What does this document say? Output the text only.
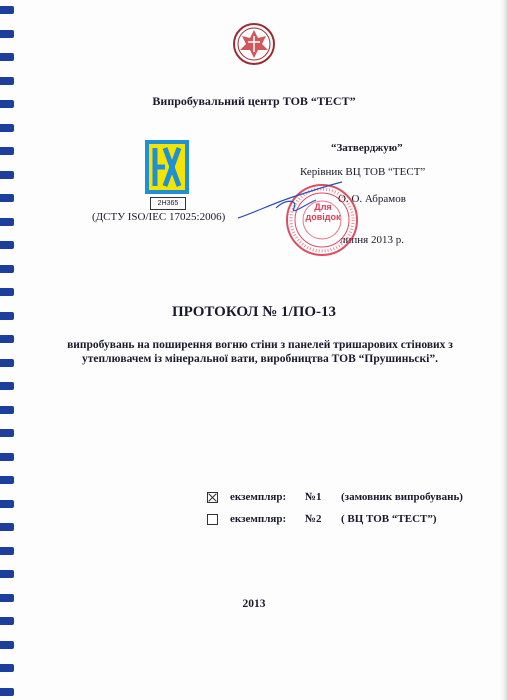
Випробувальний центр ТОВ “ТЕСТ”
2Н365
(ДСТУ ISO/IEC 17025:2006)
“Затверджую”
Керівник ВЦ ТОВ “ТЕСТ”
О. О. Абрамов
липня 2013 р.
Для
довідок
ПРОТОКОЛ № 1/ПО-13
випробувань на поширення вогню стіни з панелей тришарових стінових з утеплювачем із мінеральної вати, виробництва ТОВ “Прушиньскі”.
екземпляр:	№1	(замовник випробувань)
екземпляр:	№2	( ВЦ ТОВ “ТЕСТ”)
2013
